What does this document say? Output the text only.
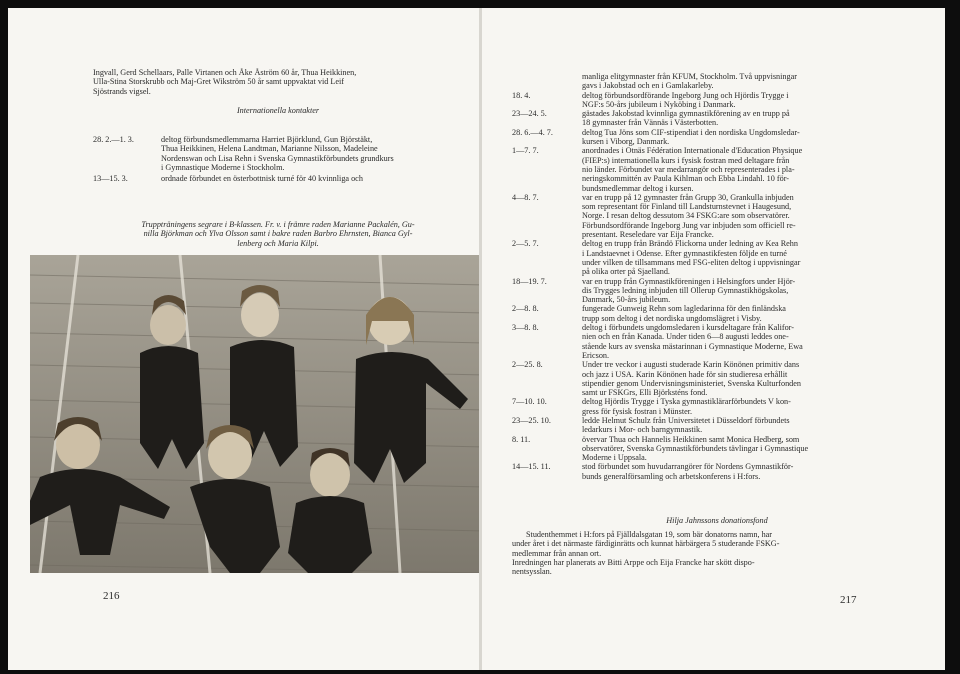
Ingvall, Gerd Schellaars, Palle Virtanen och Åke Åström 60 år, Thua Heikkinen,
Ulla-Stina Storskrubb och Maj-Gret Wikström 50 år samt uppvaktat vid Leif
Sjöstrands vigsel.

Internationella kontakter

28. 2.—1. 3.	deltog förbundsmedlemmarna Harriet Björklund, Gun Björstäkt,
Thua Heikkinen, Helena Landtman, Marianne Nilsson, Madeleine
Nordenswan och Lisa Rehn i Svenska Gymnastikförbundets grundkurs
i Gymnastique Moderne i Stockholm.
13—15. 3.	ordnade förbundet en österbottnisk turné för 40 kvinnliga och

Truppträningens segrare i B-klassen. Fr. v. i främre raden Marianne Packalén, Gu-
nilla Björkman och Ylva Olsson samt i bakre raden Barbro Ehrnsten, Bianca Gyl-
lenberg och Maria Kilpi.

216

manliga elitgymnaster från KFUM, Stockholm. Två uppvisningar
gavs i Jakobstad och en i Gamlakarleby.
18. 4.	deltog förbundsordförande Ingeborg Jung och Hjördis Trygge i
NGF:s 50-års jubileum i Nyköbing i Danmark.
23—24. 5.	gästades Jakobstad kvinnliga gymnastikförening av en trupp på
18 gymnaster från Vännäs i Västerbotten.
28. 6.—4. 7.	deltog Tua Jöns som CIF-stipendiat i den nordiska Ungdomsledar-
kursen i Viborg, Danmark.
1—7. 7.	anordnades i Otnäs Fédération Internationale d'Education Physique
(FIEP:s) internationella kurs i fysisk fostran med deltagare från
nio länder. Förbundet var medarrangör och representerades i pla-
neringskommittén av Paula Kihlman och Ebba Lindahl. 10 för-
bundsmedlemmar deltog i kursen.
4—8. 7.	var en trupp på 12 gymnaster från Grupp 30, Grankulla inbjuden
som representant för Finland till Landsturnstevnet i Haugesund,
Norge. I resan deltog dessutom 34 FSKG:are som observatörer.
Förbundsordförande Ingeborg Jung var inbjuden som officiell re-
presentant. Reseledare var Eija Francke.
2—5. 7.	deltog en trupp från Brändö Flickorna under ledning av Kea Rehn
i Landstaevnet i Odense. Efter gymnastikfesten följde en turné
under vilken de tillsammans med FSG-eliten deltog i uppvisningar
på olika orter på Sjaelland.
18—19. 7.	var en trupp från Gymnastikföreningen i Helsingfors under Hjör-
dis Trygges ledning inbjuden till Ollerup Gymnastikhögskolas,
Danmark, 50-års jubileum.
2—8. 8.	fungerade Gunweig Rehn som lagledarinna för den finländska
trupp som deltog i det nordiska ungdomslägret i Visby.
3—8. 8.	deltog i förbundets ungdomsledaren i kursdeltagare från Kalifor-
nien och en från Kanada. Under tiden 6—8 augusti leddes one-
stående kurs av svenska mästarinnan i Gymnastique Moderne, Ewa
Ericson.
2—25. 8.	Under tre veckor i augusti studerade Karin Könönen primitiv dans
och jazz i USA. Karin Könönen hade för sin studieresa erhållit
stipendier genom Undervisningsministeriet, Svenska Kulturfonden
samt ur FSKGrs, Elli Björksténs fond.
7—10. 10.	deltog Hjördis Trygge i Tyska gymnastiklärarförbundets V kon-
gress för fysisk fostran i Münster.
23—25. 10.	ledde Helmut Schulz från Universitetet i Düsseldorf förbundets
ledarkurs i Mor- och barngymnastik.
8. 11.	övervar Thua och Hannelis Heikkinen samt Monica Hedberg, som
observatörer, Svenska Gymnastikförbundets tävlingar i Gymnastique
Moderne i Uppsala.
14—15. 11.	stod förbundet som huvudarrangörer för Nordens Gymnastikför-
bunds generalförsamling och arbetskonferens i H:fors.

Hilja Jahnssons donationsfond

Studenthemmet i H:fors på Fjälldalsgatan 19, som bär donatorns namn, har
under året i det närmaste färdiginrätts och kunnat härbärgera 5 studerande FSKG-
medlemmar från annan ort.
Inredningen har planerats av Bitti Arppe och Eija Francke har skött dispo-
nentsysslan.

217
